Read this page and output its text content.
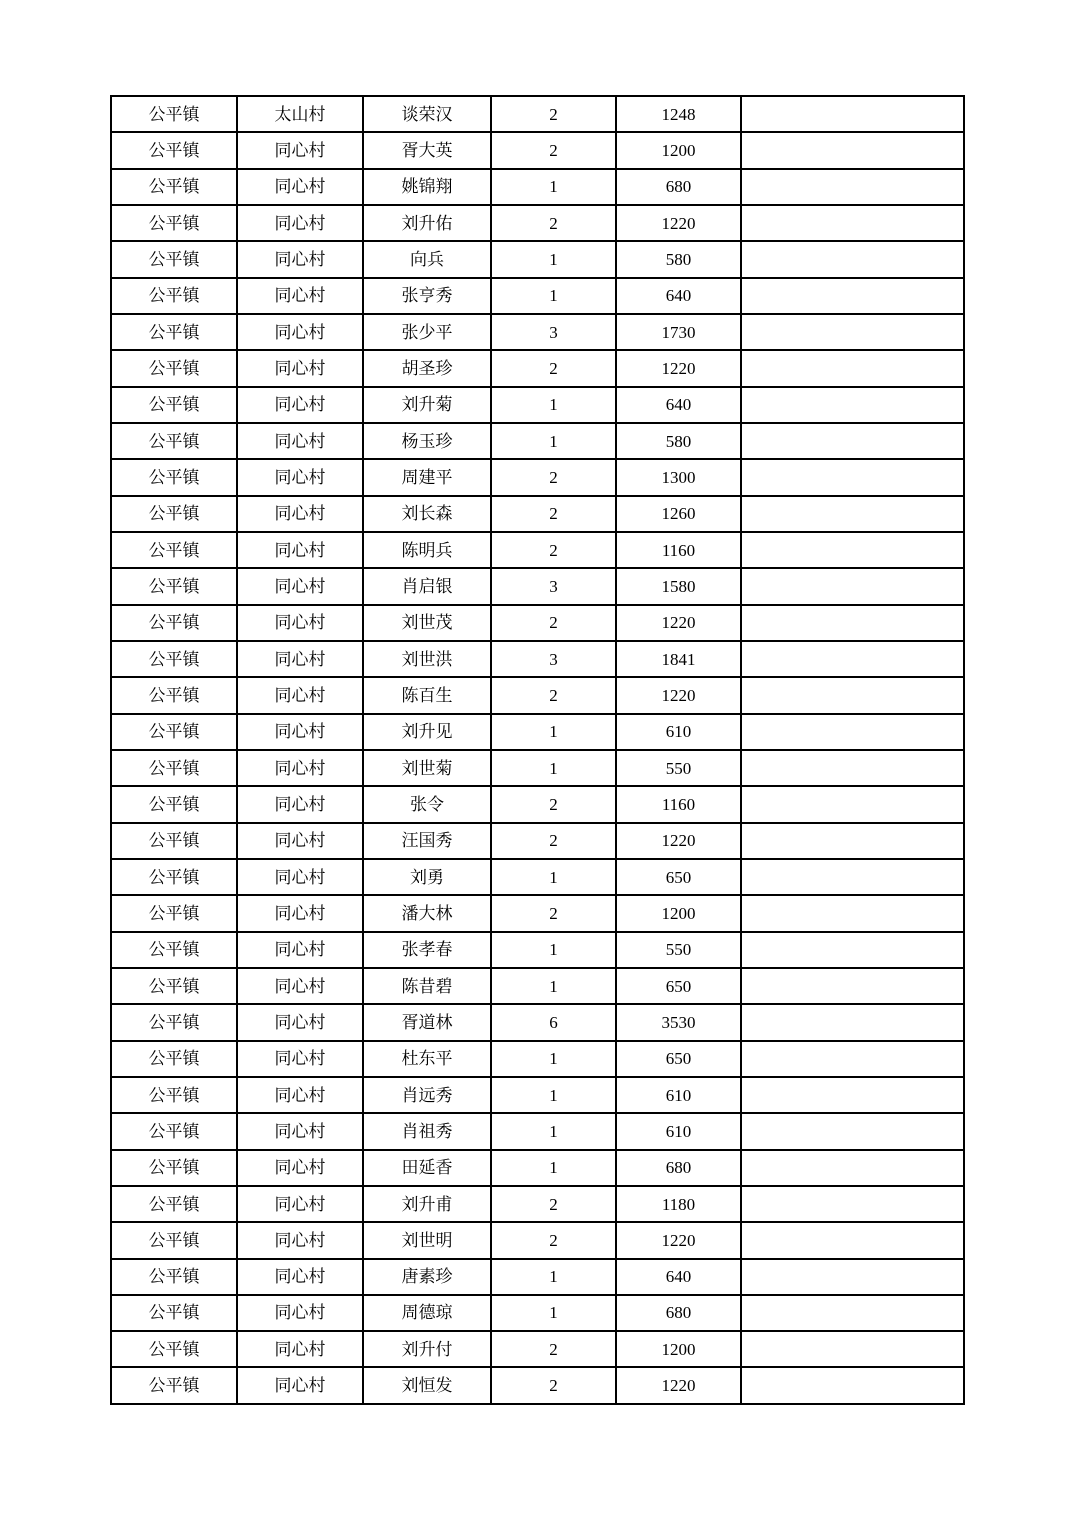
公平镇	太山村	谈荣汉	2	1248	
公平镇	同心村	胥大英	2	1200	
公平镇	同心村	姚锦翔	1	680	
公平镇	同心村	刘升佑	2	1220	
公平镇	同心村	向兵	1	580	
公平镇	同心村	张亨秀	1	640	
公平镇	同心村	张少平	3	1730	
公平镇	同心村	胡圣珍	2	1220	
公平镇	同心村	刘升菊	1	640	
公平镇	同心村	杨玉珍	1	580	
公平镇	同心村	周建平	2	1300	
公平镇	同心村	刘长森	2	1260	
公平镇	同心村	陈明兵	2	1160	
公平镇	同心村	肖启银	3	1580	
公平镇	同心村	刘世茂	2	1220	
公平镇	同心村	刘世洪	3	1841	
公平镇	同心村	陈百生	2	1220	
公平镇	同心村	刘升见	1	610	
公平镇	同心村	刘世菊	1	550	
公平镇	同心村	张令	2	1160	
公平镇	同心村	汪国秀	2	1220	
公平镇	同心村	刘勇	1	650	
公平镇	同心村	潘大林	2	1200	
公平镇	同心村	张孝春	1	550	
公平镇	同心村	陈昔碧	1	650	
公平镇	同心村	胥道林	6	3530	
公平镇	同心村	杜东平	1	650	
公平镇	同心村	肖远秀	1	610	
公平镇	同心村	肖祖秀	1	610	
公平镇	同心村	田延香	1	680	
公平镇	同心村	刘升甫	2	1180	
公平镇	同心村	刘世明	2	1220	
公平镇	同心村	唐素珍	1	640	
公平镇	同心村	周德琼	1	680	
公平镇	同心村	刘升付	2	1200	
公平镇	同心村	刘恒发	2	1220	
